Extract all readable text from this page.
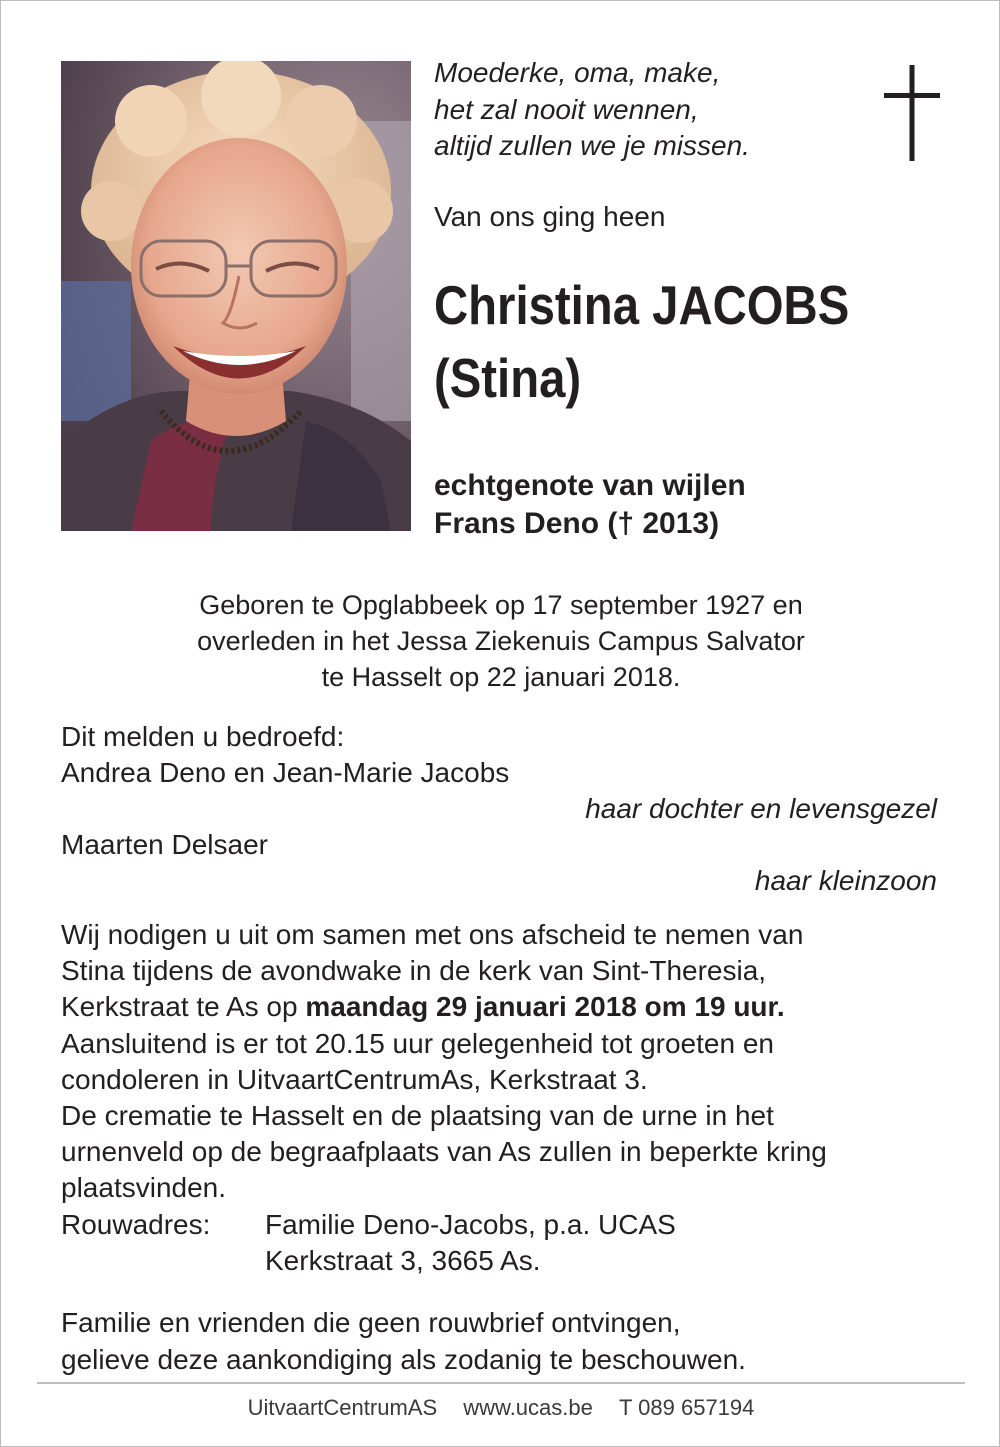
Moederke, oma, make,
het zal nooit wennen,
altijd zullen we je missen.
Van ons ging heen
Christina JACOBS
(Stina)
echtgenote van wijlen
Frans Deno († 2013)
Geboren te Opglabbeek op 17 september 1927 en
overleden in het Jessa Ziekenuis Campus Salvator
te Hasselt op 22 januari 2018.
Dit melden u bedroefd:
Andrea Deno en Jean-Marie Jacobs
haar dochter en levensgezel
Maarten Delsaer
haar kleinzoon
Wij nodigen u uit om samen met ons afscheid te nemen van
Stina tijdens de avondwake in de kerk van Sint-Theresia,
Kerkstraat te As op maandag 29 januari 2018 om 19 uur.
Aansluitend is er tot 20.15 uur gelegenheid tot groeten en
condoleren in UitvaartCentrumAs, Kerkstraat 3.
De crematie te Hasselt en de plaatsing van de urne in het
urnenveld op de begraafplaats van As zullen in beperkte kring
plaatsvinden.
Rouwadres:	Familie Deno-Jacobs, p.a. UCAS
Kerkstraat 3, 3665 As.
Familie en vrienden die geen rouwbrief ontvingen,
gelieve deze aankondiging als zodanig te beschouwen.
UitvaartCentrumAS www.ucas.be T 089 657194
